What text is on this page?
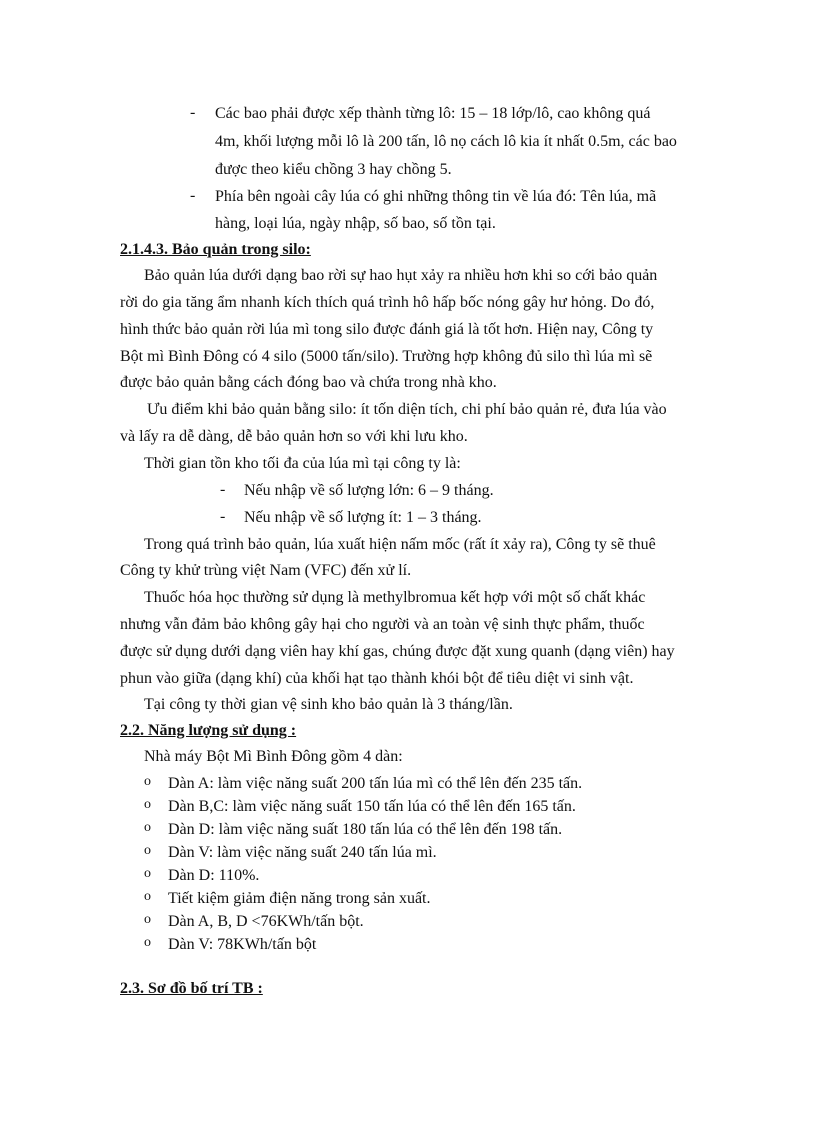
-	Các bao phải được xếp thành từng lô: 15 – 18 lớp/lô, cao không quá
4m, khối lượng mỗi lô là 200 tấn, lô nọ cách lô kia ít nhất 0.5m, các bao
được theo kiểu chồng 3 hay chồng 5.
-	Phía bên ngoài cây lúa có ghi những thông tin về lúa đó: Tên lúa, mã
hàng, loại lúa, ngày nhập, số bao, số tồn tại.
2.1.4.3. Bảo quản trong silo:
Bảo quản lúa dưới dạng bao rời sự hao hụt xảy ra nhiều hơn khi so cới bảo quản
rời do gia tăng ẩm nhanh kích thích quá trình hô hấp bốc nóng gây hư hỏng. Do đó,
hình thức bảo quản rời lúa mì tong silo được đánh giá là tốt hơn. Hiện nay, Công ty
Bột mì Bình Đông có 4 silo (5000 tấn/silo). Trường hợp không đủ silo thì lúa mì sẽ
được bảo quản bằng cách đóng bao và chứa trong nhà kho.
Ưu điểm khi bảo quản bằng silo: ít tốn diện tích, chi phí bảo quản rẻ, đưa lúa vào
và lấy ra dễ dàng, dễ bảo quản hơn so với khi lưu kho.
Thời gian tồn kho tối đa của lúa mì tại công ty là:
-	Nếu nhập về số lượng lớn: 6 – 9 tháng.
-	Nếu nhập về số lượng ít: 1 – 3 tháng.
Trong quá trình bảo quản, lúa xuất hiện nấm mốc (rất ít xảy ra), Công ty sẽ thuê
Công ty khử trùng việt Nam (VFC) đến xử lí.
Thuốc hóa học thường sử dụng là methylbromua kết hợp với một số chất khác
nhưng vẫn đảm bảo không gây hại cho người và an toàn vệ sinh thực phẩm, thuốc
được sử dụng dưới dạng viên hay khí gas, chúng được đặt xung quanh (dạng viên) hay
phun vào giữa (dạng khí) của khối hạt tạo thành khói bột để tiêu diệt vi sinh vật.
Tại công ty thời gian vệ sinh kho bảo quản là 3 tháng/lần.
2.2. Năng lượng sử dụng :
Nhà máy Bột Mì Bình Đông gồm 4 dàn:
o	Dàn A: làm việc năng suất 200 tấn lúa mì có thể lên đến 235 tấn.
o	Dàn B,C: làm việc năng suất 150 tấn lúa có thể lên đến 165 tấn.
o	Dàn D: làm việc năng suất 180 tấn lúa có thể lên đến 198 tấn.
o	Dàn V: làm việc năng suất 240 tấn lúa mì.
o	Dàn D: 110%.
o	Tiết kiệm giảm điện năng trong sản xuất.
o	Dàn A, B, D <76KWh/tấn bột.
o	Dàn V: 78KWh/tấn bột
2.3. Sơ đồ bố trí TB :
